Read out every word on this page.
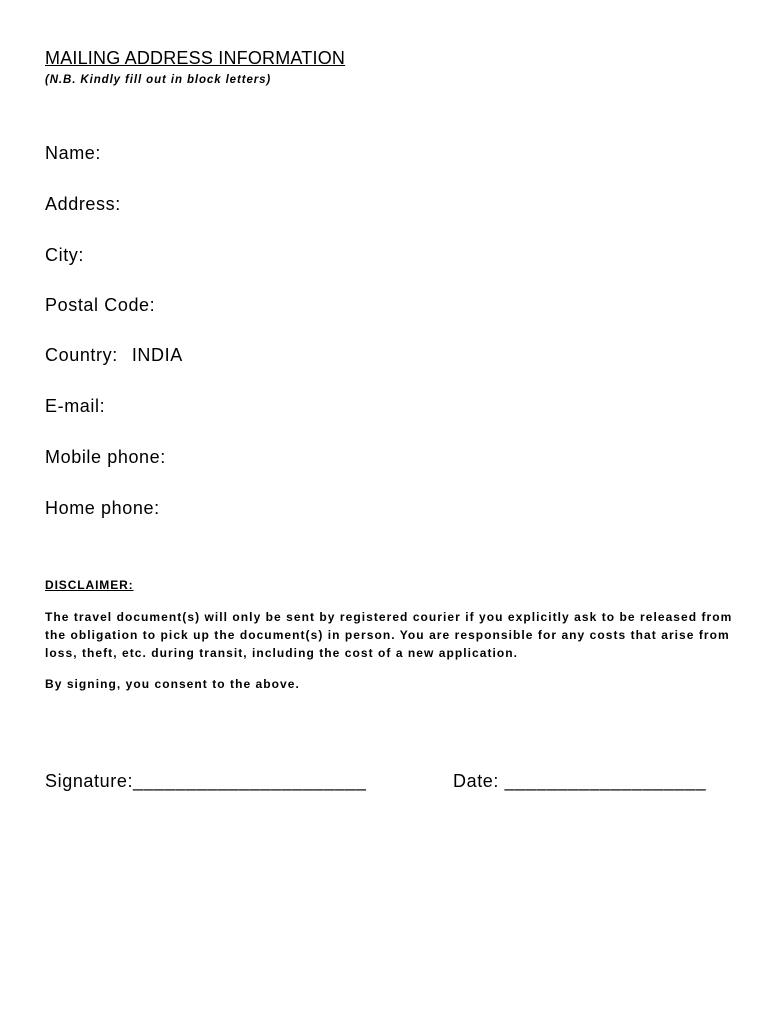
MAILING ADDRESS INFORMATION
(N.B. Kindly fill out in block letters)
Name:
Address:
City:
Postal Code:
Country: INDIA
E-mail:
Mobile phone:
Home phone:
DISCLAIMER:
The travel document(s) will only be sent by registered courier if you explicitly ask to be released from the obligation to pick up the document(s) in person. You are responsible for any costs that arise from loss, theft, etc. during transit, including the cost of a new application.
By signing, you consent to the above.
Signature:______________________	Date: ___________________
